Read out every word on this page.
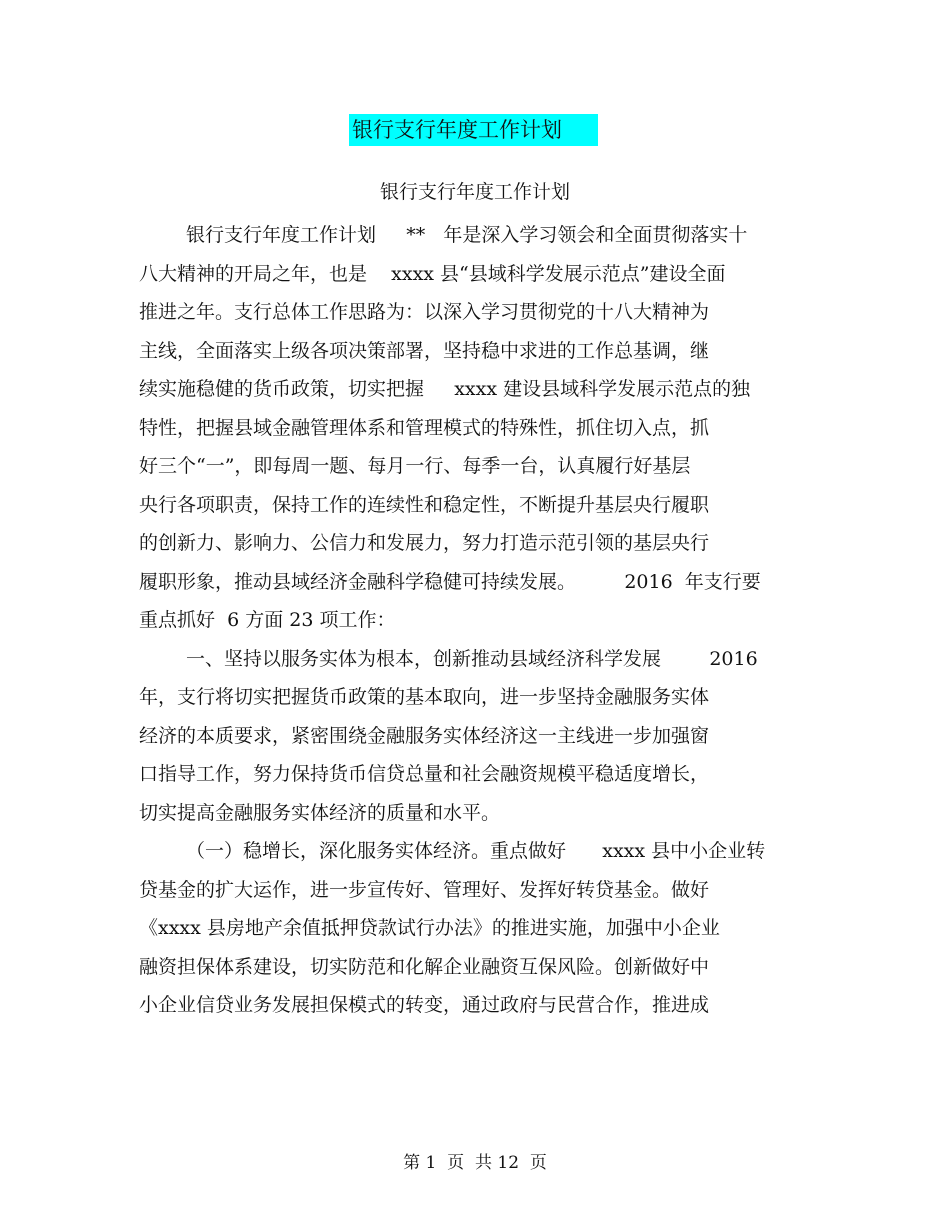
银行支行年度工作计划
银行支行年度工作计划
银行支行年度工作计划     **   年是深入学习领会和全面贯彻落实十
八大精神的开局之年，也是    xxxx 县“县域科学发展示范点”建设全面
推进之年。支行总体工作思路为：以深入学习贯彻党的十八大精神为
主线，全面落实上级各项决策部署，坚持稳中求进的工作总基调，继
续实施稳健的货币政策，切实把握     xxxx 建设县域科学发展示范点的独
特性，把握县域金融管理体系和管理模式的特殊性，抓住切入点，抓
好三个“一”，即每周一题、每月一行、每季一台，认真履行好基层
央行各项职责，保持工作的连续性和稳定性，不断提升基层央行履职
的创新力、影响力、公信力和发展力，努力打造示范引领的基层央行
履职形象，推动县域经济金融科学稳健可持续发展。        2016  年支行要
重点抓好  6 方面 23 项工作：
一、坚持以服务实体为根本，创新推动县域经济科学发展        2016
年，支行将切实把握货币政策的基本取向，进一步坚持金融服务实体
经济的本质要求，紧密围绕金融服务实体经济这一主线进一步加强窗
口指导工作，努力保持货币信贷总量和社会融资规模平稳适度增长，
切实提高金融服务实体经济的质量和水平。
（一）稳增长，深化服务实体经济。重点做好      xxxx 县中小企业转
贷基金的扩大运作，进一步宣传好、管理好、发挥好转贷基金。做好
《xxxx 县房地产余值抵押贷款试行办法》的推进实施，加强中小企业
融资担保体系建设，切实防范和化解企业融资互保风险。创新做好中
小企业信贷业务发展担保模式的转变，通过政府与民营合作，推进成
第 1  页  共 12  页
